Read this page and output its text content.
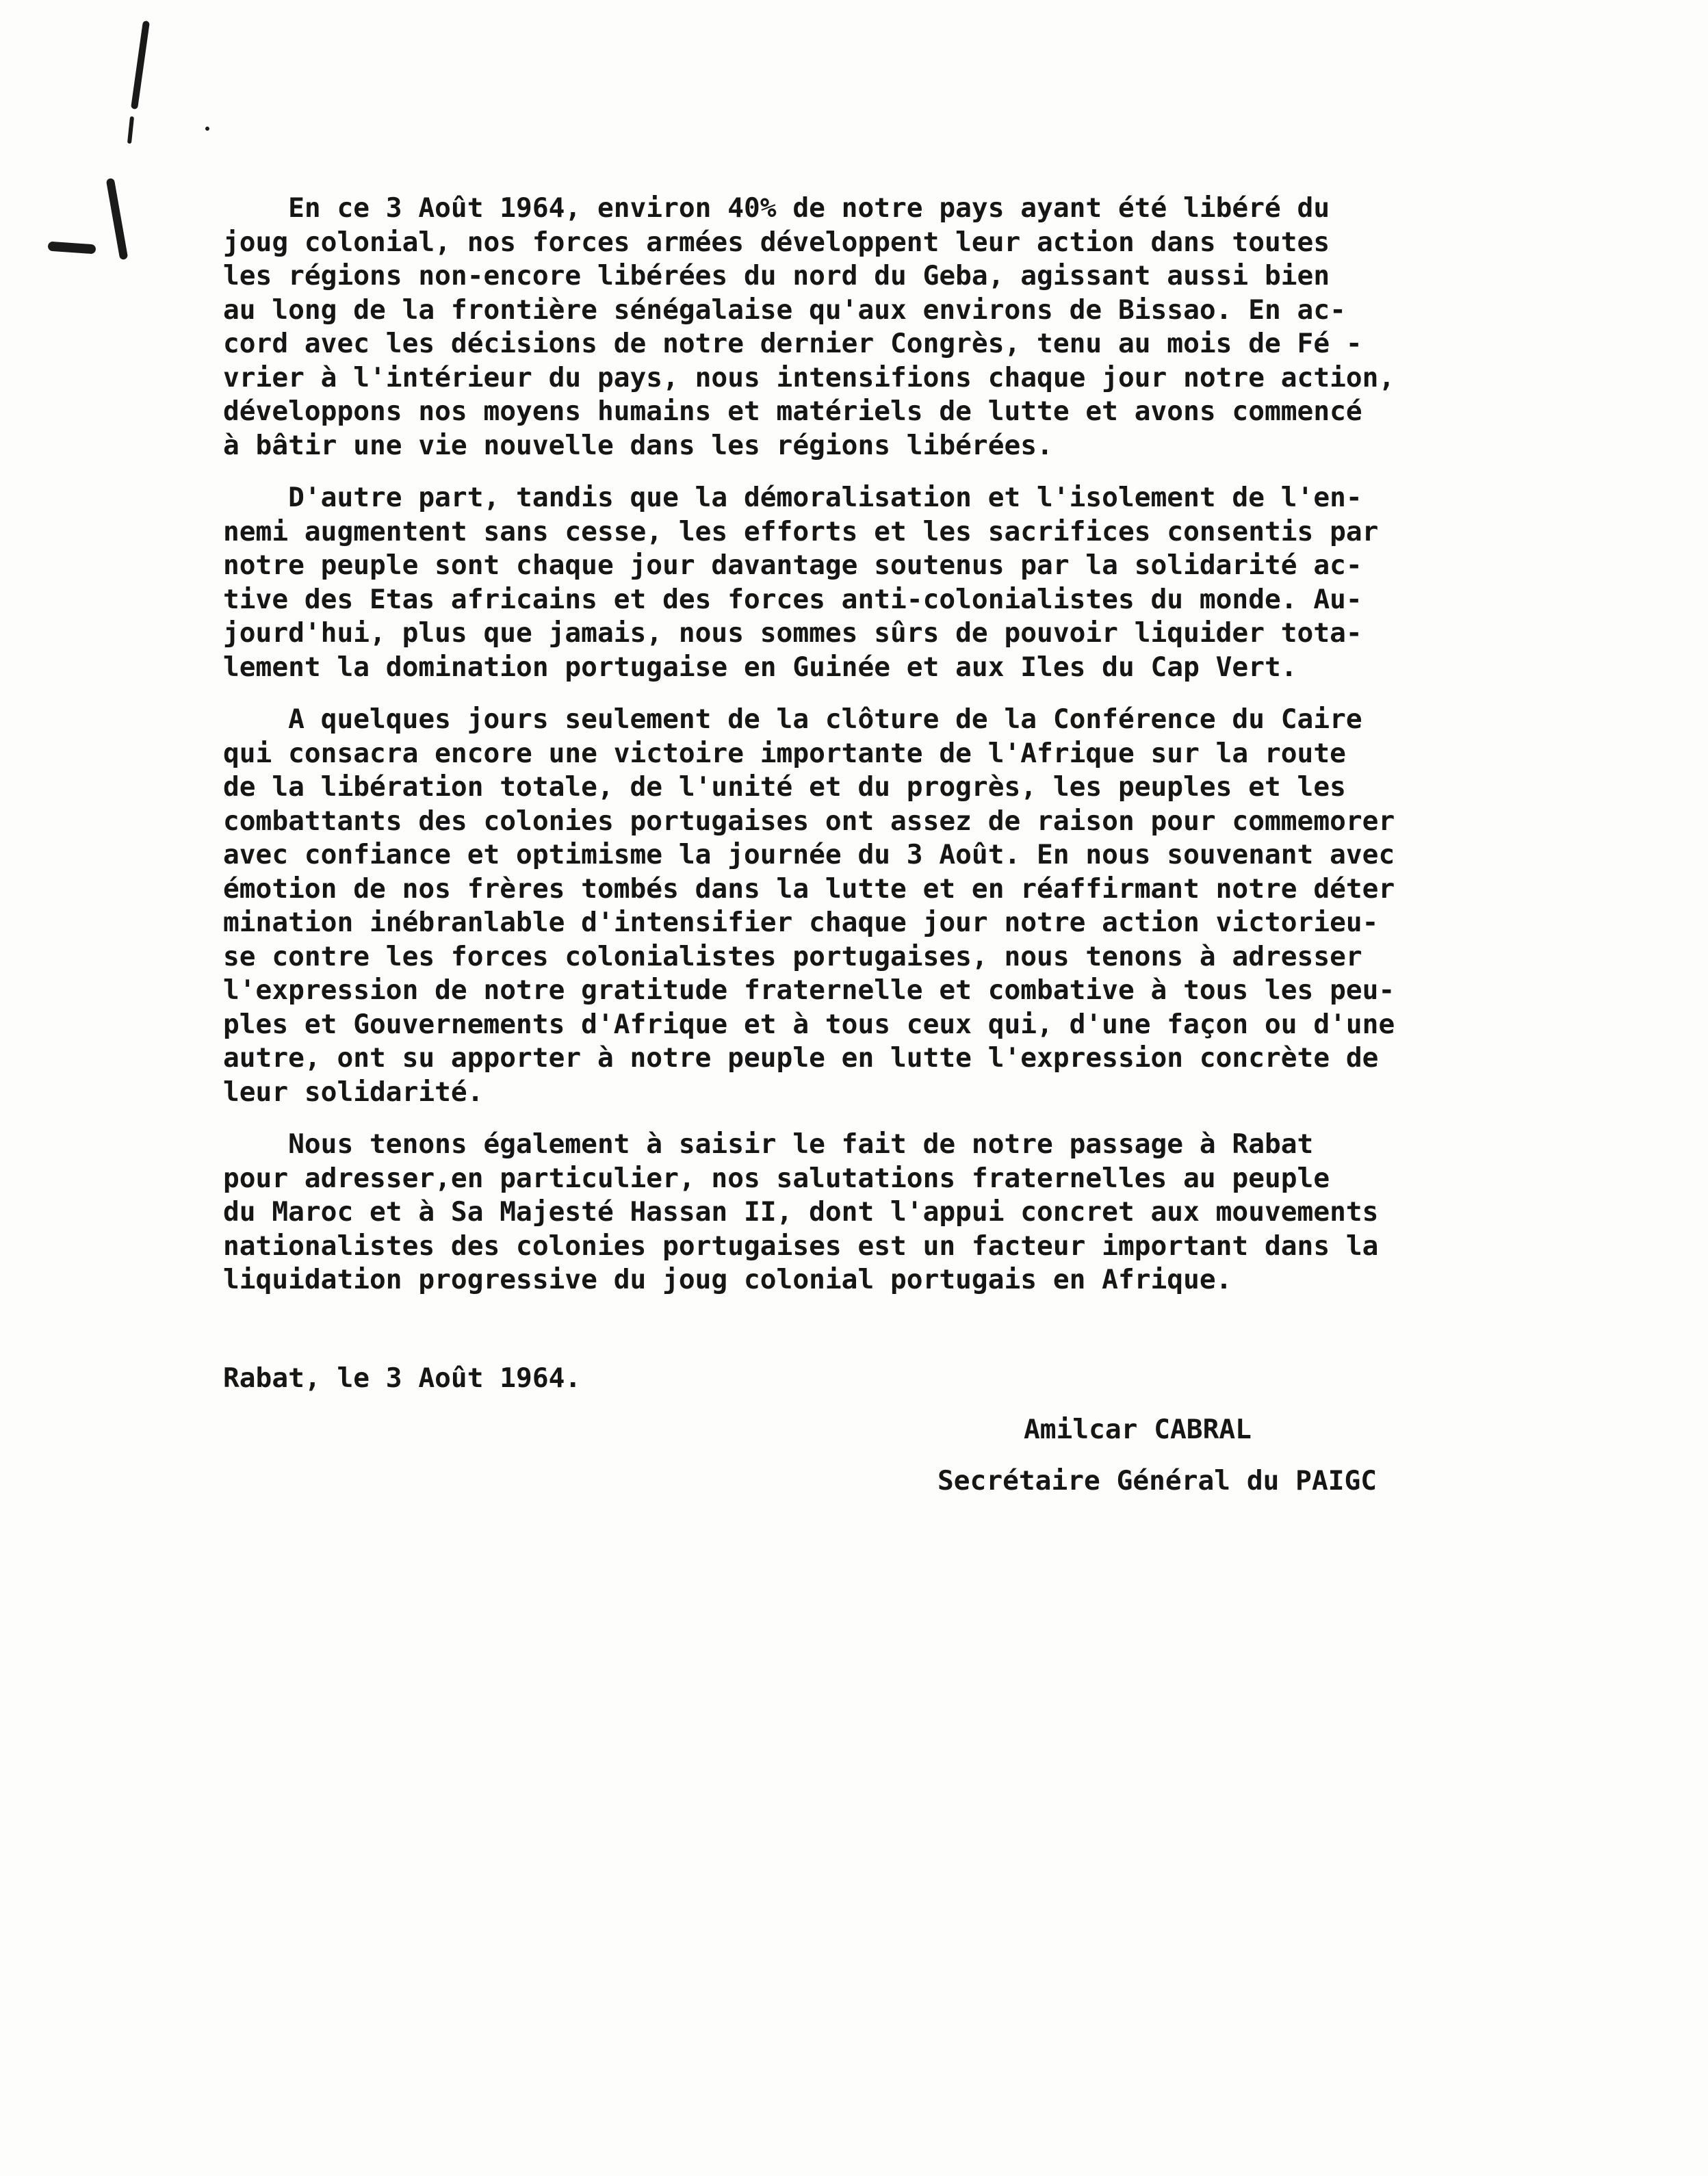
En ce 3 Août 1964, environ 40% de notre pays ayant été libéré du
joug colonial, nos forces armées développent leur action dans toutes
les régions non-encore libérées du nord du Geba, agissant aussi bien
au long de la frontière sénégalaise qu'aux environs de Bissao. En ac-
cord avec les décisions de notre dernier Congrès, tenu au mois de Fé -
vrier à l'intérieur du pays, nous intensifions chaque jour notre action,
développons nos moyens humains et matériels de lutte et avons commencé
à bâtir une vie nouvelle dans les régions libérées.
D'autre part, tandis que la démoralisation et l'isolement de l'en-
nemi augmentent sans cesse, les efforts et les sacrifices consentis par
notre peuple sont chaque jour davantage soutenus par la solidarité ac-
tive des Etas africains et des forces anti-colonialistes du monde. Au-
jourd'hui, plus que jamais, nous sommes sûrs de pouvoir liquider tota-
lement la domination portugaise en Guinée et aux Iles du Cap Vert.
A quelques jours seulement de la clôture de la Conférence du Caire
qui consacra encore une victoire importante de l'Afrique sur la route
de la libération totale, de l'unité et du progrès, les peuples et les
combattants des colonies portugaises ont assez de raison pour commemorer
avec confiance et optimisme la journée du 3 Août. En nous souvenant avec
émotion de nos frères tombés dans la lutte et en réaffirmant notre déter
mination inébranlable d'intensifier chaque jour notre action victorieu-
se contre les forces colonialistes portugaises, nous tenons à adresser
l'expression de notre gratitude fraternelle et combative à tous les peu-
ples et Gouvernements d'Afrique et à tous ceux qui, d'une façon ou d'une
autre, ont su apporter à notre peuple en lutte l'expression concrète de
leur solidarité.
Nous tenons également à saisir le fait de notre passage à Rabat
pour adresser,en particulier, nos salutations fraternelles au peuple
du Maroc et à Sa Majesté Hassan II, dont l'appui concret aux mouvements
nationalistes des colonies portugaises est un facteur important dans la
liquidation progressive du joug colonial portugais en Afrique.
Rabat, le 3 Août 1964.
Amilcar CABRAL
Secrétaire Général du PAIGC
